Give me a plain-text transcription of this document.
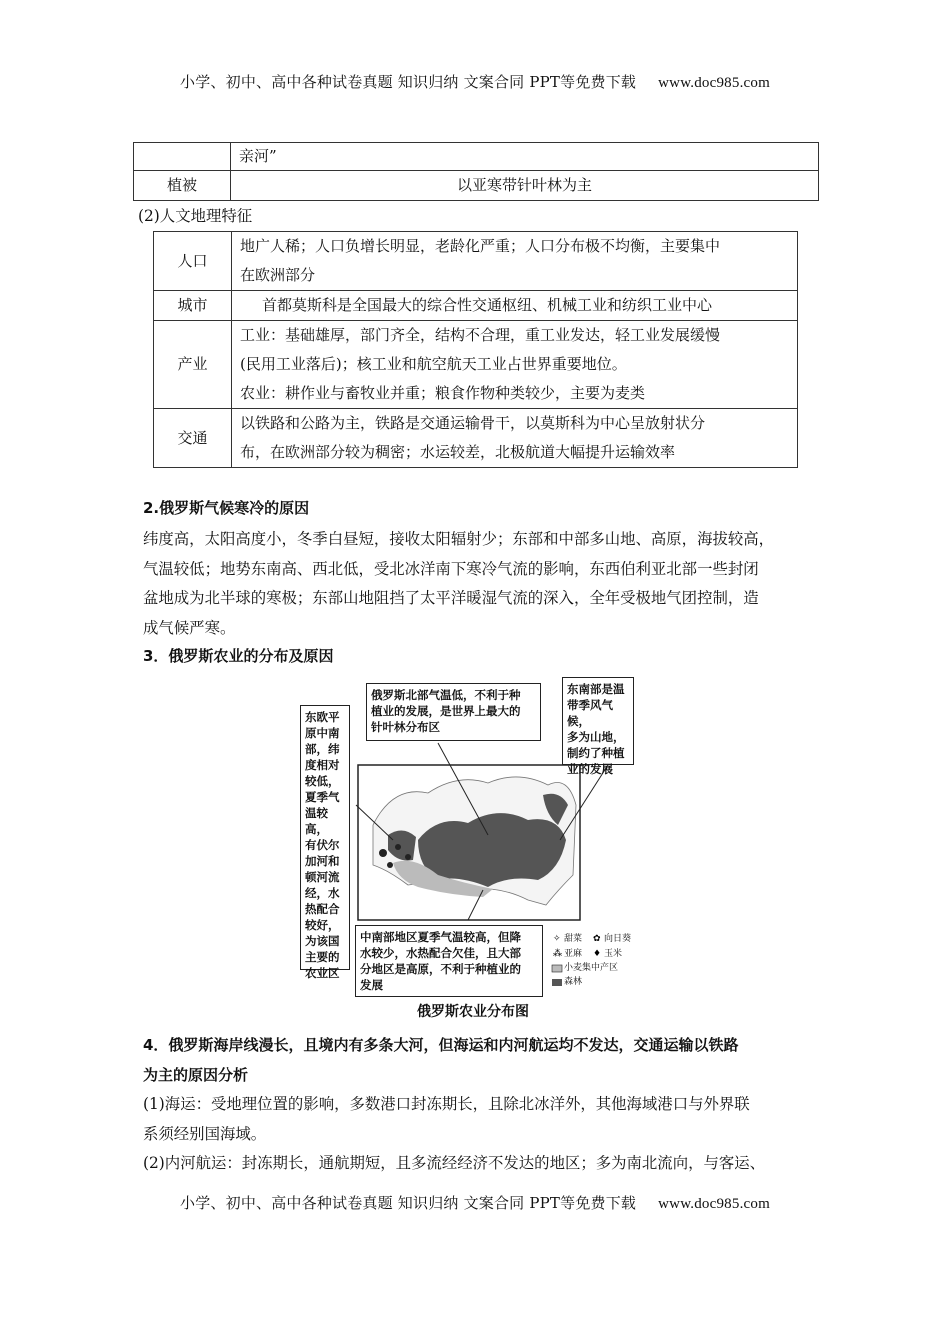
小学、初中、高中各种试卷真题 知识归纳 文案合同 PPT等免费下载 www.doc985.com
	亲河”
植被	以亚寒带针叶林为主
(2)人文地理特征
人口	地广人稀；人口负增长明显，老龄化严重；人口分布极不均衡，主要集中
在欧洲部分

城市	首都莫斯科是全国最大的综合性交通枢纽、机械工业和纺织工业中心

产业	工业：基础雄厚，部门齐全，结构不合理，重工业发达，轻工业发展缓慢
(民用工业落后)；核工业和航空航天工业占世界重要地位。
农业：耕作业与畜牧业并重；粮食作物种类较少，主要为麦类

交通	以铁路和公路为主，铁路是交通运输骨干，以莫斯科为中心呈放射状分
布，在欧洲部分较为稠密；水运较差，北极航道大幅提升运输效率
2.俄罗斯气候寒冷的原因
纬度高，太阳高度小，冬季白昼短，接收太阳辐射少；东部和中部多山地、高原，海拔较高，
气温较低；地势东南高、西北低，受北冰洋南下寒冷气流的影响，东西伯利亚北部一些封闭
盆地成为北半球的寒极；东部山地阻挡了太平洋暖湿气流的深入，全年受极地气团控制，造
成气候严寒。
3．俄罗斯农业的分布及原因
✧	✿
⁂	♦
东欧平
原中南
部，纬
度相对
较低，
夏季气
温较高，
有伏尔
加河和
顿河流
经，水
热配合
较好，
为该国
主要的
农业区
俄罗斯北部气温低，不利于种
植业的发展，是世界上最大的
针叶林分布区
东南部是温
带季风气候，
多为山地，
制约了种植
业的发展
中南部地区夏季气温较高，但降
水较少，水热配合欠佳，且大部
分地区是高原，不利于种植业的
发展
甜菜 向日葵
亚麻 玉米
小麦集中产区
森林
俄罗斯农业分布图
4．俄罗斯海岸线漫长，且境内有多条大河，但海运和内河航运均不发达，交通运输以铁路
为主的原因分析
(1)海运：受地理位置的影响，多数港口封冻期长，且除北冰洋外，其他海域港口与外界联
系须经别国海域。
(2)内河航运：封冻期长，通航期短，且多流经经济不发达的地区；多为南北流向，与客运、
小学、初中、高中各种试卷真题 知识归纳 文案合同 PPT等免费下载 www.doc985.com
